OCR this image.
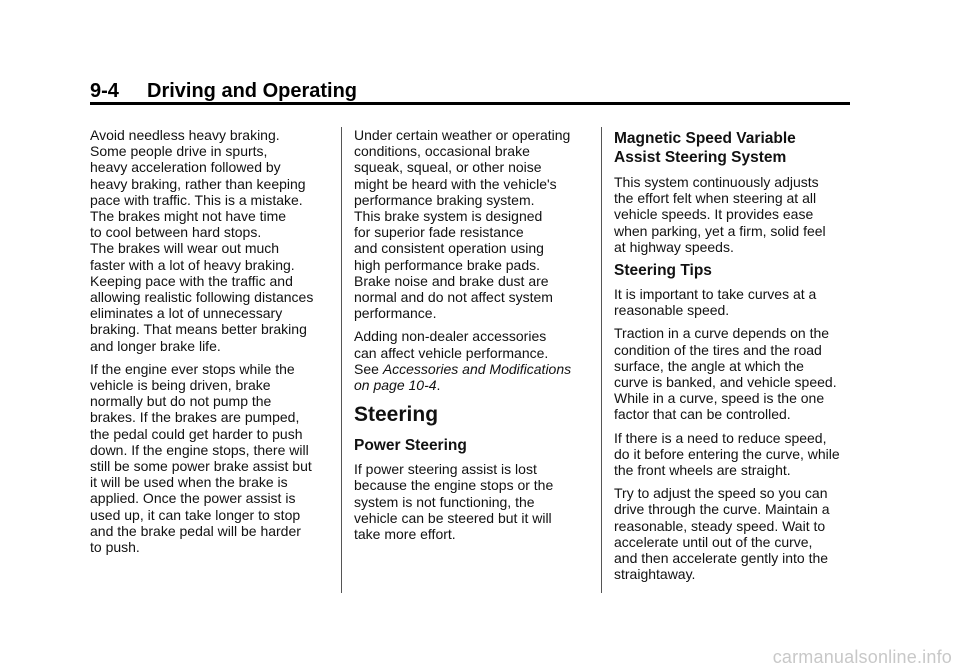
9-4 Driving and Operating
Avoid needless heavy braking.
Some people drive in spurts,
heavy acceleration followed by
heavy braking, rather than keeping
pace with traffic. This is a mistake.
The brakes might not have time
to cool between hard stops.
The brakes will wear out much
faster with a lot of heavy braking.
Keeping pace with the traffic and
allowing realistic following distances
eliminates a lot of unnecessary
braking. That means better braking
and longer brake life.
If the engine ever stops while the
vehicle is being driven, brake
normally but do not pump the
brakes. If the brakes are pumped,
the pedal could get harder to push
down. If the engine stops, there will
still be some power brake assist but
it will be used when the brake is
applied. Once the power assist is
used up, it can take longer to stop
and the brake pedal will be harder
to push.
Under certain weather or operating
conditions, occasional brake
squeak, squeal, or other noise
might be heard with the vehicle's
performance braking system.
This brake system is designed
for superior fade resistance
and consistent operation using
high performance brake pads.
Brake noise and brake dust are
normal and do not affect system
performance.
Adding non-dealer accessories
can affect vehicle performance.
See Accessories and Modifications
on page 10-4.
Steering
Power Steering
If power steering assist is lost
because the engine stops or the
system is not functioning, the
vehicle can be steered but it will
take more effort.
Magnetic Speed Variable
Assist Steering System
This system continuously adjusts
the effort felt when steering at all
vehicle speeds. It provides ease
when parking, yet a firm, solid feel
at highway speeds.
Steering Tips
It is important to take curves at a
reasonable speed.
Traction in a curve depends on the
condition of the tires and the road
surface, the angle at which the
curve is banked, and vehicle speed.
While in a curve, speed is the one
factor that can be controlled.
If there is a need to reduce speed,
do it before entering the curve, while
the front wheels are straight.
Try to adjust the speed so you can
drive through the curve. Maintain a
reasonable, steady speed. Wait to
accelerate until out of the curve,
and then accelerate gently into the
straightaway.
carmanualsonline.info
